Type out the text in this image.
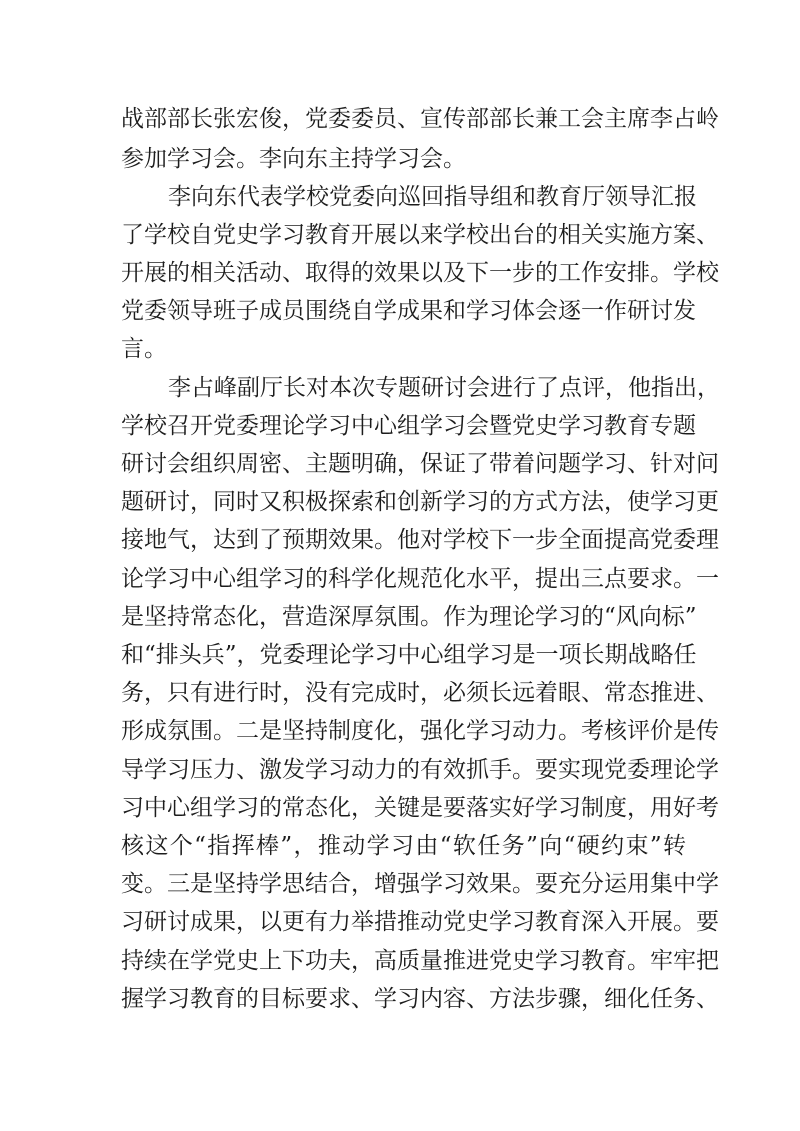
战部部长张宏俊，党委委员、宣传部部长兼工会主席李占岭
参加学习会。李向东主持学习会。
李向东代表学校党委向巡回指导组和教育厅领导汇报
了学校自党史学习教育开展以来学校出台的相关实施方案、
开展的相关活动、取得的效果以及下一步的工作安排。学校
党委领导班子成员围绕自学成果和学习体会逐一作研讨发
言。
李占峰副厅长对本次专题研讨会进行了点评，他指出，
学校召开党委理论学习中心组学习会暨党史学习教育专题
研讨会组织周密、主题明确，保证了带着问题学习、针对问
题研讨，同时又积极探索和创新学习的方式方法，使学习更
接地气，达到了预期效果。他对学校下一步全面提高党委理
论学习中心组学习的科学化规范化水平，提出三点要求。一
是坚持常态化，营造深厚氛围。作为理论学习的“风向标”
和“排头兵”，党委理论学习中心组学习是一项长期战略任
务，只有进行时，没有完成时，必须长远着眼、常态推进、
形成氛围。二是坚持制度化，强化学习动力。考核评价是传
导学习压力、激发学习动力的有效抓手。要实现党委理论学
习中心组学习的常态化，关键是要落实好学习制度，用好考
核这个“指挥棒”，推动学习由“软任务”向“硬约束”转
变。三是坚持学思结合，增强学习效果。要充分运用集中学
习研讨成果，以更有力举措推动党史学习教育深入开展。要
持续在学党史上下功夫，高质量推进党史学习教育。牢牢把
握学习教育的目标要求、学习内容、方法步骤，细化任务、
